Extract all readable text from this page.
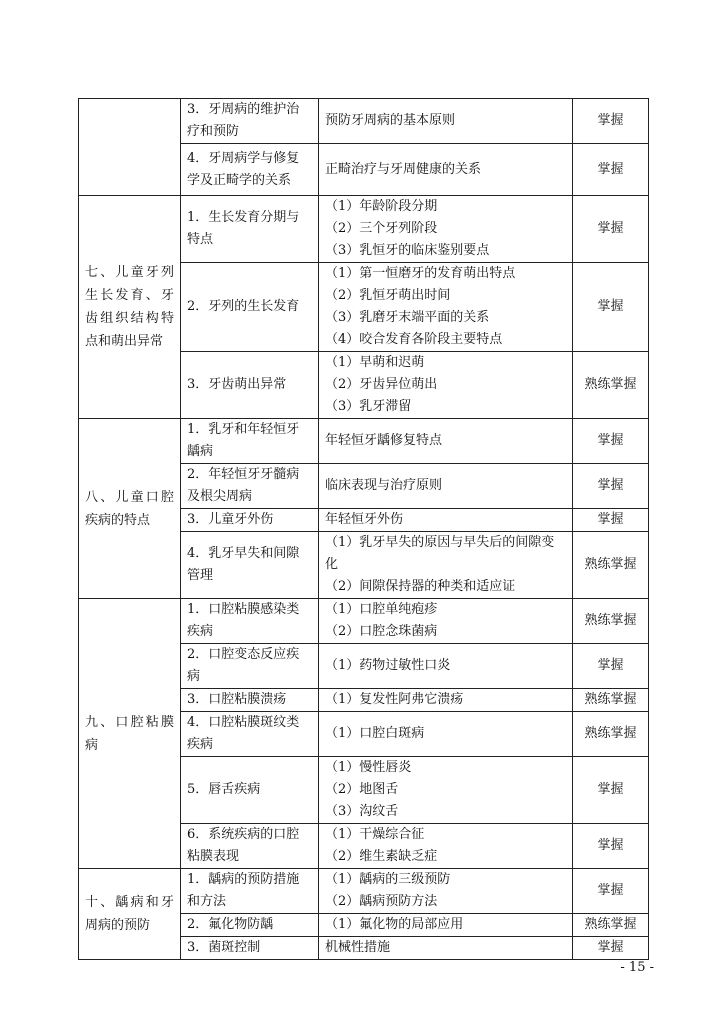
	3．牙周病的维护治疗和预防	预防牙周病的基本原则	掌握
	4．牙周病学与修复学及正畸学的关系	正畸治疗与牙周健康的关系	掌握
七、儿童牙列生长发育、牙齿组织结构特点和萌出异常	1．生长发育分期与特点	（1）年龄阶段分期
（2）三个牙列阶段
（3）乳恒牙的临床鉴别要点	掌握
	2．牙列的生长发育	（1）第一恒磨牙的发育萌出特点
（2）乳恒牙萌出时间
（3）乳磨牙末端平面的关系
（4）咬合发育各阶段主要特点	掌握
	3．牙齿萌出异常	（1）早萌和迟萌
（2）牙齿异位萌出
（3）乳牙滞留	熟练掌握
八、儿童口腔疾病的特点	1．乳牙和年轻恒牙龋病	年轻恒牙龋修复特点	掌握
	2．年轻恒牙牙髓病及根尖周病	临床表现与治疗原则	掌握
	3．儿童牙外伤	年轻恒牙外伤	掌握
	4．乳牙早失和间隙管理	（1）乳牙早失的原因与早失后的间隙变化
（2）间隙保持器的种类和适应证	熟练掌握
九、口腔粘膜病	1．口腔粘膜感染类疾病	（1）口腔单纯疱疹
（2）口腔念珠菌病	熟练掌握
	2．口腔变态反应疾病	（1）药物过敏性口炎	掌握
	3．口腔粘膜溃疡	（1）复发性阿弗它溃疡	熟练掌握
	4．口腔粘膜斑纹类疾病	（1）口腔白斑病	熟练掌握
	5．唇舌疾病	（1）慢性唇炎
（2）地图舌
（3）沟纹舌	掌握
	6．系统疾病的口腔粘膜表现	（1）干燥综合征
（2）维生素缺乏症	掌握
十、龋病和牙周病的预防	1．龋病的预防措施和方法	（1）龋病的三级预防
（2）龋病预防方法	掌握
	2．氟化物防龋	（1）氟化物的局部应用	熟练掌握
	3．菌斑控制	机械性措施	掌握
- 15 -
